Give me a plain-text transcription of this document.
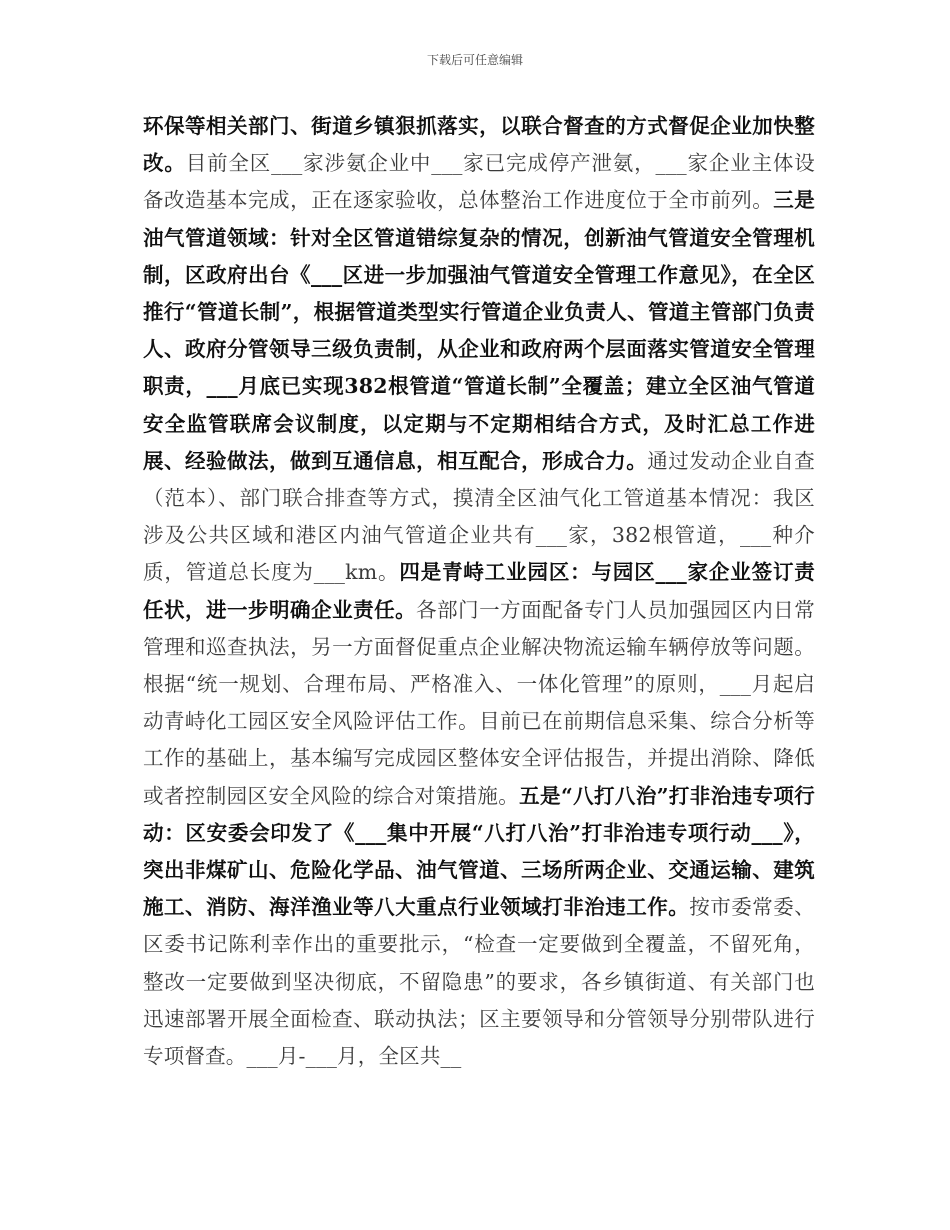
下载后可任意编辑
环保等相关部门、街道乡镇狠抓落实，以联合督查的方式督促企业加快整改。目前全区___家涉氨企业中___家已完成停产泄氨，___家企业主体设备改造基本完成，正在逐家验收，总体整治工作进度位于全市前列。三是油气管道领域：针对全区管道错综复杂的情况，创新油气管道安全管理机制，区政府出台《___区进一步加强油气管道安全管理工作意见》，在全区推行“管道长制”，根据管道类型实行管道企业负责人、管道主管部门负责人、政府分管领导三级负责制，从企业和政府两个层面落实管道安全管理职责，___月底已实现382根管道“管道长制”全覆盖；建立全区油气管道安全监管联席会议制度，以定期与不定期相结合方式，及时汇总工作进展、经验做法，做到互通信息，相互配合，形成合力。通过发动企业自查（范本）、部门联合排查等方式，摸清全区油气化工管道基本情况：我区涉及公共区域和港区内油气管道企业共有___家，382根管道，___种介质，管道总长度为___km。四是青峙工业园区：与园区___家企业签订责任状，进一步明确企业责任。各部门一方面配备专门人员加强园区内日常管理和巡查执法，另一方面督促重点企业解决物流运输车辆停放等问题。根据“统一规划、合理布局、严格准入、一体化管理”的原则，___月起启动青峙化工园区安全风险评估工作。目前已在前期信息采集、综合分析等工作的基础上，基本编写完成园区整体安全评估报告，并提出消除、降低或者控制园区安全风险的综合对策措施。五是“八打八治”打非治违专项行动：区安委会印发了《___集中开展“八打八治”打非治违专项行动___》，突出非煤矿山、危险化学品、油气管道、三场所两企业、交通运输、建筑施工、消防、海洋渔业等八大重点行业领域打非治违工作。按市委常委、区委书记陈利幸作出的重要批示，“检查一定要做到全覆盖，不留死角，整改一定要做到坚决彻底，不留隐患”的要求，各乡镇街道、有关部门也迅速部署开展全面检查、联动执法；区主要领导和分管领导分别带队进行专项督查。___月-___月，全区共__
